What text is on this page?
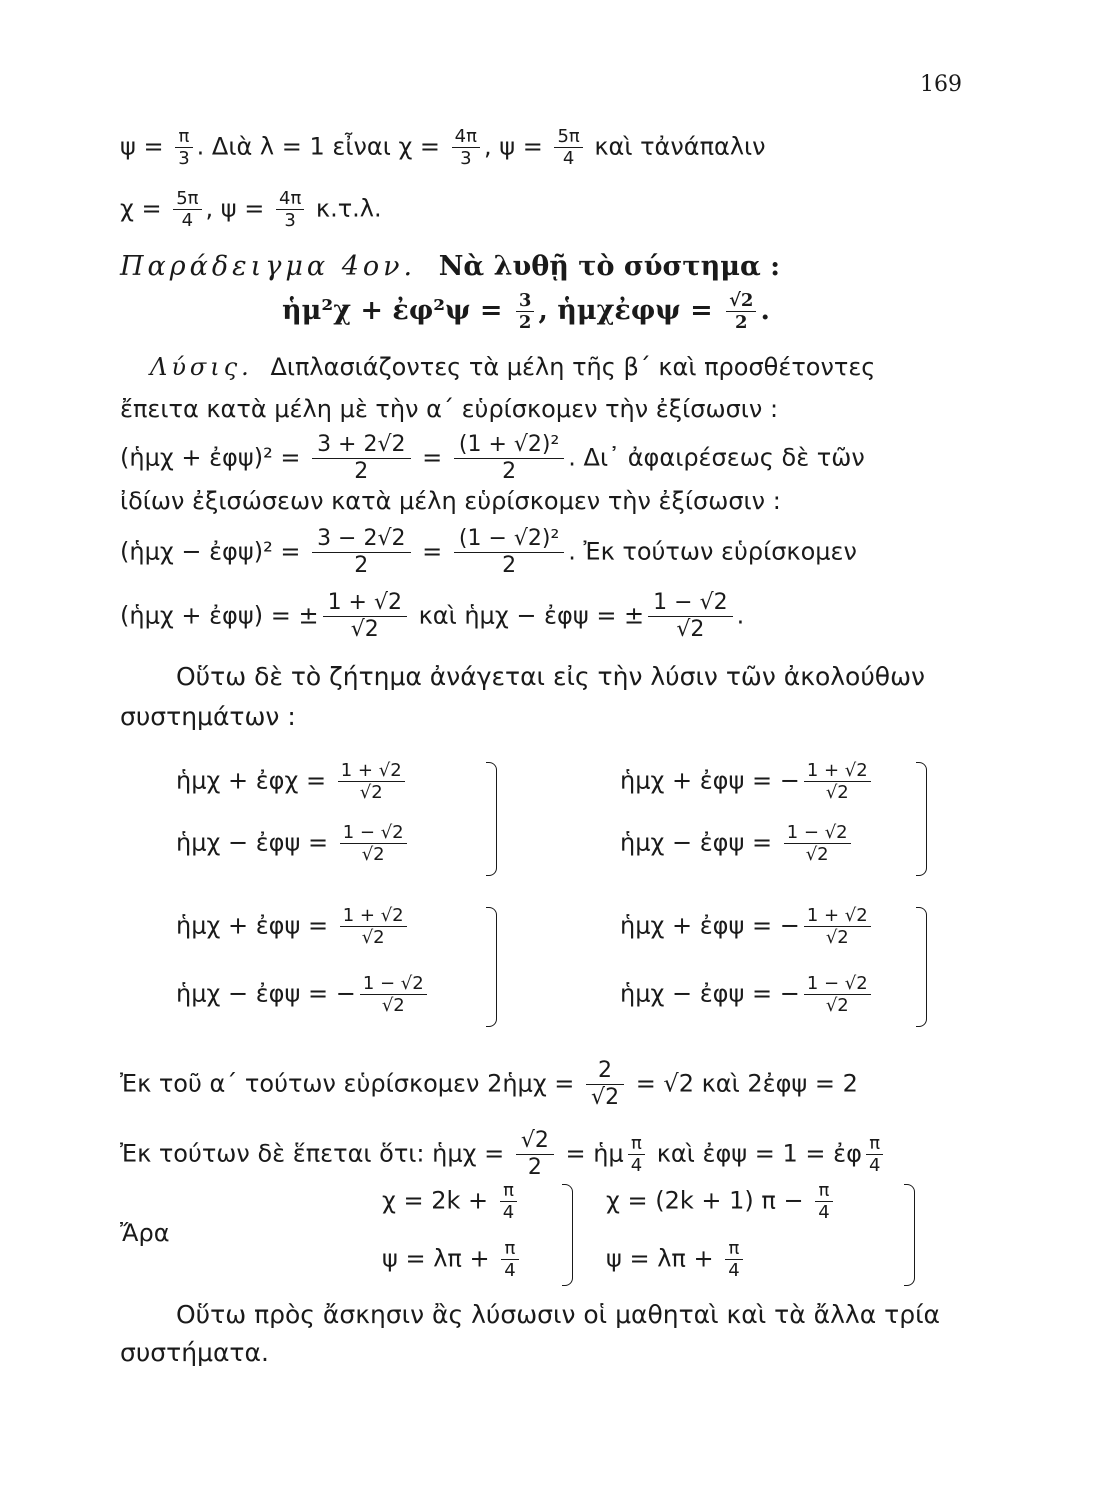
169
$\psi = \frac{\pi}{3}$ . Διὰ λ = 1 εἶναι $\chi = \frac{4\pi}{3}$ , $\psi = \frac{5\pi}{4}$ καὶ τἀνάπαλιν
$\chi = \frac{5\pi}{4}$ , $\psi = \frac{4\pi}{3} \kappa.\tau.\lambda$.
Παράδειγμα 4ον. Νὰ λυθῇ τὸ σύστημα :
ἡμ²χ + ἐφ²ψ = $\frac{3}{2}$ , ἡμχἐφψ = $\frac{√2}{2}$ .
Λύσις. Διπλασιάζοντες τὰ μέλη τῆς β΄ καὶ προσθέτοντες
ἔπειτα κατὰ μέλη μὲ τὴν α΄ εὑρίσκομεν τὴν ἐξίσωσιν :
(ἡμχ + ἐφψ)² = $\frac{3 + 2√2}{2} = \frac{\text{(1 + √2)²}}{2}$ . Δι᾽ ἀφαιρέσεως δὲ τῶν
ἰδίων ἐξισώσεων κατὰ μέλη εὑρίσκομεν τὴν ἐξίσωσιν :
(ἡμχ − ἐφψ)² = $\frac{3 - 2√2}{2} = \frac{\text{(1 − √2)²}}{2}$ . Ἐκ τούτων εὑρίσκομεν
(ἡμχ + ἐφψ) = ± $\frac{1 + √2}{√2}$ καὶ ἡμχ − ἐφψ = ± $\frac{1 - √2}{√2}$ .
Οὕτω δὲ τὸ ζήτημα ἀνάγεται εἰς τὴν λύσιν τῶν ἀκολούθων
συστημάτων :
ἡμχ + ἐφχ = $\frac{1 + √2}{√2}$
ἡμχ − ἐφψ = $\frac{1 - √2}{√2}$
ἡμχ + ἐφψ = − $\frac{1 + √2}{√2}$
ἡμχ − ἐφψ = $\frac{1 - √2}{√2}$
ἡμχ + ἐφψ = $\frac{1 + √2}{√2}$
ἡμχ − ἐφψ = − $\frac{1 - √2}{√2}$
ἡμχ + ἐφψ = − $\frac{1 + √2}{√2}$
ἡμχ − ἐφψ = − $\frac{1 - √2}{√2}$
Ἐκ τοῦ α΄ τούτων εὑρίσκομεν 2ἡμχ = $\frac{2}{√2} = √2$ καὶ 2ἐφψ = 2
Ἐκ τούτων δὲ ἕπεται ὅτι: ἡμχ = $\frac{√2}{2}$ = ἡμ $\frac{\pi}{4}$ καὶ ἐφψ = 1 = ἐφ $\frac{\pi}{4}$
Ἄρα
$\chi = 2k + \frac{\pi}{4}$
$\psi = \lambda\pi + \frac{\pi}{4}$
χ = (2k + 1) $\pi - \frac{\pi}{4}$
$\psi = \lambda\pi + \frac{\pi}{4}$
Οὕτω πρὸς ἄσκησιν ἂς λύσωσιν οἱ μαθηταὶ καὶ τὰ ἄλλα τρία
συστήματα.
